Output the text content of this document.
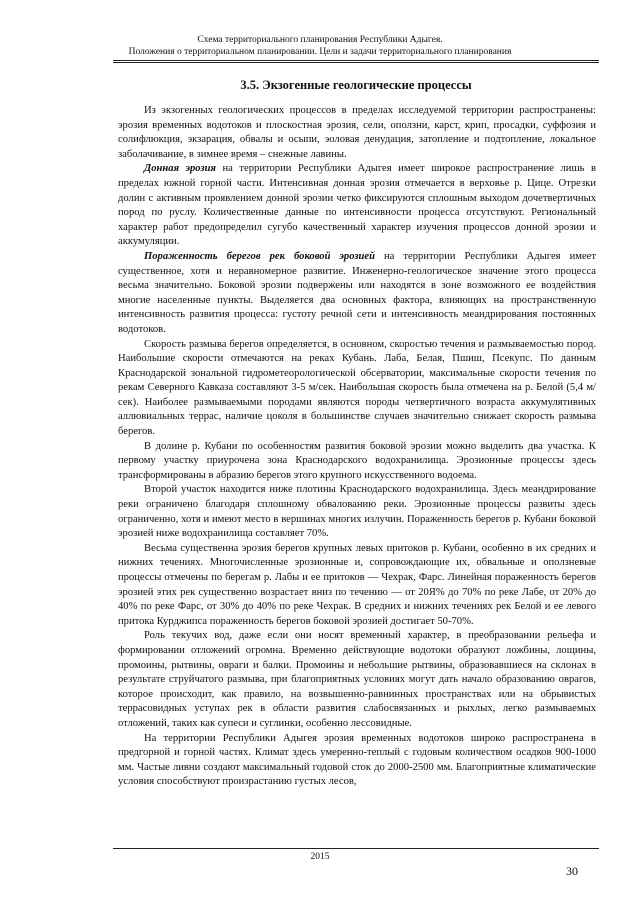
Схема территориального планирования Республики Адыгея.
Положения о территориальном планировании. Цели и задачи территориального планирования
3.5. Экзогенные геологические процессы

Из экзогенных геологических процессов в пределах исследуемой территории распространены: эрозия временных водотоков и плоскостная эрозия, сели, оползни, карст, крип, просадки, суффозия и солифлюкция, экзарация, обвалы и осыпи, эоловая денудация, затопление и подтопление, локальное заболачивание, в зимнее время – снежные лавины.

Донная эрозия на территории Республики Адыгея имеет широкое распространение лишь в пределах южной горной части. Интенсивная донная эрозия отмечается в верховье р. Цице. Отрезки долин с активным проявлением донной эрозии четко фиксируются сплошным выходом дочетвертичных пород по руслу. Количественные данные по интенсивности процесса отсутствуют. Региональный характер работ предопределил сугубо качественный характер изучения процессов донной эрозии и аккумуляции.

Пораженность берегов рек боковой эрозией на территории Республики Адыгея имеет существенное, хотя и неравномерное развитие. Инженерно-геологическое значение этого процесса весьма значительно. Боковой эрозии подвержены или находятся в зоне возможного ее воздействия многие населенные пункты. Выделяется два основных фактора, влияющих на пространственную интенсивность развития процесса: густоту речной сети и интенсивность меандрирования постоянных водотоков.

Скорость размыва берегов определяется, в основном, скоростью течения и размываемостью пород. Наибольшие скорости отмечаются на реках Кубань. Лаба, Белая, Пшиш, Псекупс. По данным Краснодарской зональной гидрометеорологической обсерватории, максимальные скорости течения по рекам Северного Кавказа составляют 3-5 м/сек. Наибольшая скорость была отмечена на р. Белой (5,4 м/сек). Наиболее размываемыми породами являются породы четвертичного возраста аккумулятивных аллювиальных террас, наличие цоколя в большинстве случаев значительно снижает скорость размыва берегов.

В долине р. Кубани по особенностям развития боковой эрозии можно выделить два участка. К первому участку приурочена зона Краснодарского водохранилища. Эрозионные процессы здесь трансформированы в абразию берегов этого крупного искусственного водоема.

Второй участок находится ниже плотины Краснодарского водохранилища. Здесь меандрирование реки ограничено благодаря сплошному обвалованию реки. Эрозионные процессы развиты здесь ограниченно, хотя и имеют место в вершинах многих излучин. Пораженность берегов р. Кубани боковой эрозией ниже водохранилища составляет 70%.

Весьма существенна эрозия берегов крупных левых притоков р. Кубани, особенно в их средних и нижних течениях. Многочисленные эрозионные и, сопровождающие их, обвальные и оползневые процессы отмечены по берегам р. Лабы и ее притоков — Чехрак, Фарс. Линейная пораженность берегов эрозией этих рек существенно возрастает вниз по течению — от 20Я% до 70% по реке Лабе, от 20% до 40% по реке Фарс, от 30% до 40% по реке Чехрак. В средних и нижних течениях рек Белой и ее левого притока Курджипса пораженность берегов боковой эрозией достигает 50-70%.

Роль текучих вод, даже если они носят временный характер, в преобразовании рельефа и формировании отложений огромна. Временно действующие водотоки образуют ложбины, лощины, промоины, рытвины, овраги и балки. Промоины и небольшие рытвины, образовавшиеся на склонах в результате струйчатого размыва, при благоприятных условиях могут дать начало образованию оврагов, которое происходит, как правило, на возвышенно-равнинных пространствах или на обрывистых террасовидных уступах рек в области развития слабосвязанных и рыхлых, легко размываемых отложений, таких как супеси и суглинки, особенно лессовидные.

На территории Республики Адыгея эрозия временных водотоков широко распространена в предгорной и горной частях. Климат здесь умеренно-теплый с годовым количеством осадков 900-1000 мм. Частые ливни создают максимальный годовой сток до 2000-2500 мм. Благоприятные климатические условия способствуют произрастанию густых лесов,

2015
30
